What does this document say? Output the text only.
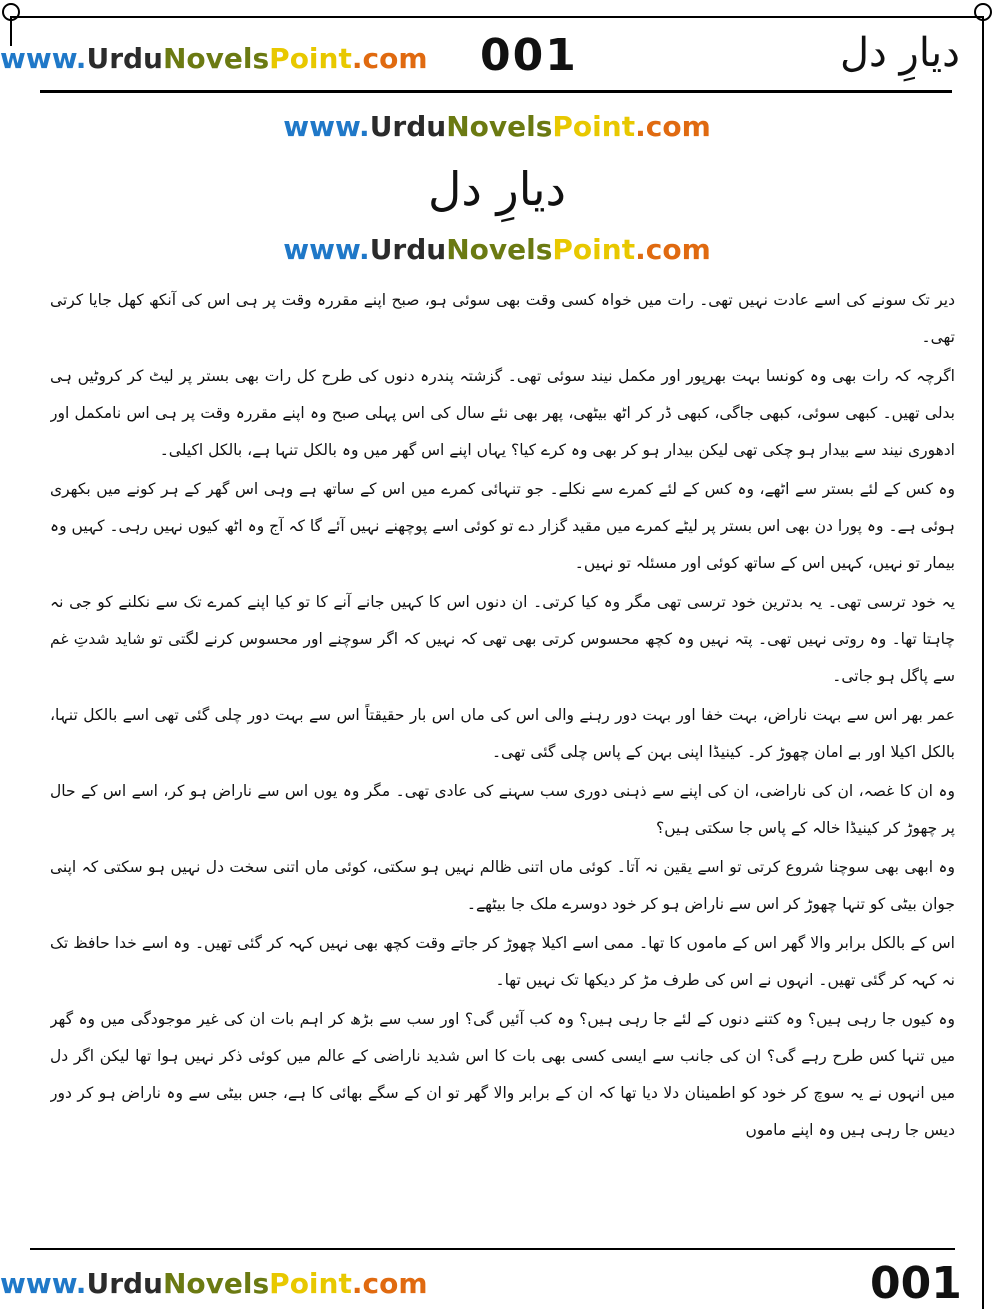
www.UrduNovelsPoint.com 001	دیارِ دل
www.UrduNovelsPoint.com
دیارِ دل
www.UrduNovelsPoint.com

دیر تک سونے کی اسے عادت نہیں تھی۔ رات میں خواہ کسی وقت بھی سوئی ہو، صبح اپنے مقررہ وقت پر ہی اس کی آنکھ کھل جایا کرتی تھی۔

اگرچہ کہ رات بھی وہ کونسا بہت بھرپور اور مکمل نیند سوئی تھی۔ گزشتہ پندرہ دنوں کی طرح کل رات بھی بستر پر لیٹ کر کروٹیں ہی بدلی تھیں۔ کبھی سوئی، کبھی جاگی، کبھی ڈر کر اٹھ بیٹھی، پھر بھی نئے سال کی اس پہلی صبح وہ اپنے مقررہ وقت پر ہی اس نامکمل اور ادھوری نیند سے بیدار ہو چکی تھی لیکن بیدار ہو کر بھی وہ کرے کیا؟ یہاں اپنے اس گھر میں وہ بالکل تنہا ہے، بالکل اکیلی۔

وہ کس کے لئے بستر سے اٹھے، وہ کس کے لئے کمرے سے نکلے۔ جو تنہائی کمرے میں اس کے ساتھ ہے وہی اس گھر کے ہر کونے میں بکھری ہوئی ہے۔ وہ پورا دن بھی اس بستر پر لیٹے کمرے میں مقید گزار دے تو کوئی اسے پوچھنے نہیں آئے گا کہ آج وہ اٹھ کیوں نہیں رہی۔ کہیں وہ بیمار تو نہیں، کہیں اس کے ساتھ کوئی اور مسئلہ تو نہیں۔

یہ خود ترسی تھی۔ یہ بدترین خود ترسی تھی مگر وہ کیا کرتی۔ ان دنوں اس کا کہیں جانے آنے کا تو کیا اپنے کمرے تک سے نکلنے کو جی نہ چاہتا تھا۔ وہ روتی نہیں تھی۔ پتہ نہیں وہ کچھ محسوس کرتی بھی تھی کہ نہیں کہ اگر سوچنے اور محسوس کرنے لگتی تو شاید شدتِ غم سے پاگل ہو جاتی۔

عمر بھر اس سے بہت ناراض، بہت خفا اور بہت دور رہنے والی اس کی ماں اس بار حقیقتاً اس سے بہت دور چلی گئی تھی اسے بالکل تنہا، بالکل اکیلا اور بے امان چھوڑ کر۔ کینیڈا اپنی بہن کے پاس چلی گئی تھی۔

وہ ان کا غصہ، ان کی ناراضی، ان کی اپنے سے ذہنی دوری سب سہنے کی عادی تھی۔ مگر وہ یوں اس سے ناراض ہو کر، اسے اس کے حال پر چھوڑ کر کینیڈا خالہ کے پاس جا سکتی ہیں؟

وہ ابھی بھی سوچنا شروع کرتی تو اسے یقین نہ آتا۔ کوئی ماں اتنی ظالم نہیں ہو سکتی، کوئی ماں اتنی سخت دل نہیں ہو سکتی کہ اپنی جوان بیٹی کو تنہا چھوڑ کر اس سے ناراض ہو کر خود دوسرے ملک جا بیٹھے۔

اس کے بالکل برابر والا گھر اس کے ماموں کا تھا۔ ممی اسے اکیلا چھوڑ کر جاتے وقت کچھ بھی نہیں کہہ کر گئی تھیں۔ وہ اسے خدا حافظ تک نہ کہہ کر گئی تھیں۔ انہوں نے اس کی طرف مڑ کر دیکھا تک نہیں تھا۔

وہ کیوں جا رہی ہیں؟ وہ کتنے دنوں کے لئے جا رہی ہیں؟ وہ کب آئیں گی؟ اور سب سے بڑھ کر اہم بات ان کی غیر موجودگی میں وہ گھر میں تنہا کس طرح رہے گی؟ ان کی جانب سے ایسی کسی بھی بات کا اس شدید ناراضی کے عالم میں کوئی ذکر نہیں ہوا تھا لیکن اگر دل میں انہوں نے یہ سوچ کر خود کو اطمینان دلا دیا تھا کہ ان کے برابر والا گھر تو ان کے سگے بھائی کا ہے، جس بیٹی سے وہ ناراض ہو کر دور دیس جا رہی ہیں وہ اپنے ماموں

www.UrduNovelsPoint.com	001
